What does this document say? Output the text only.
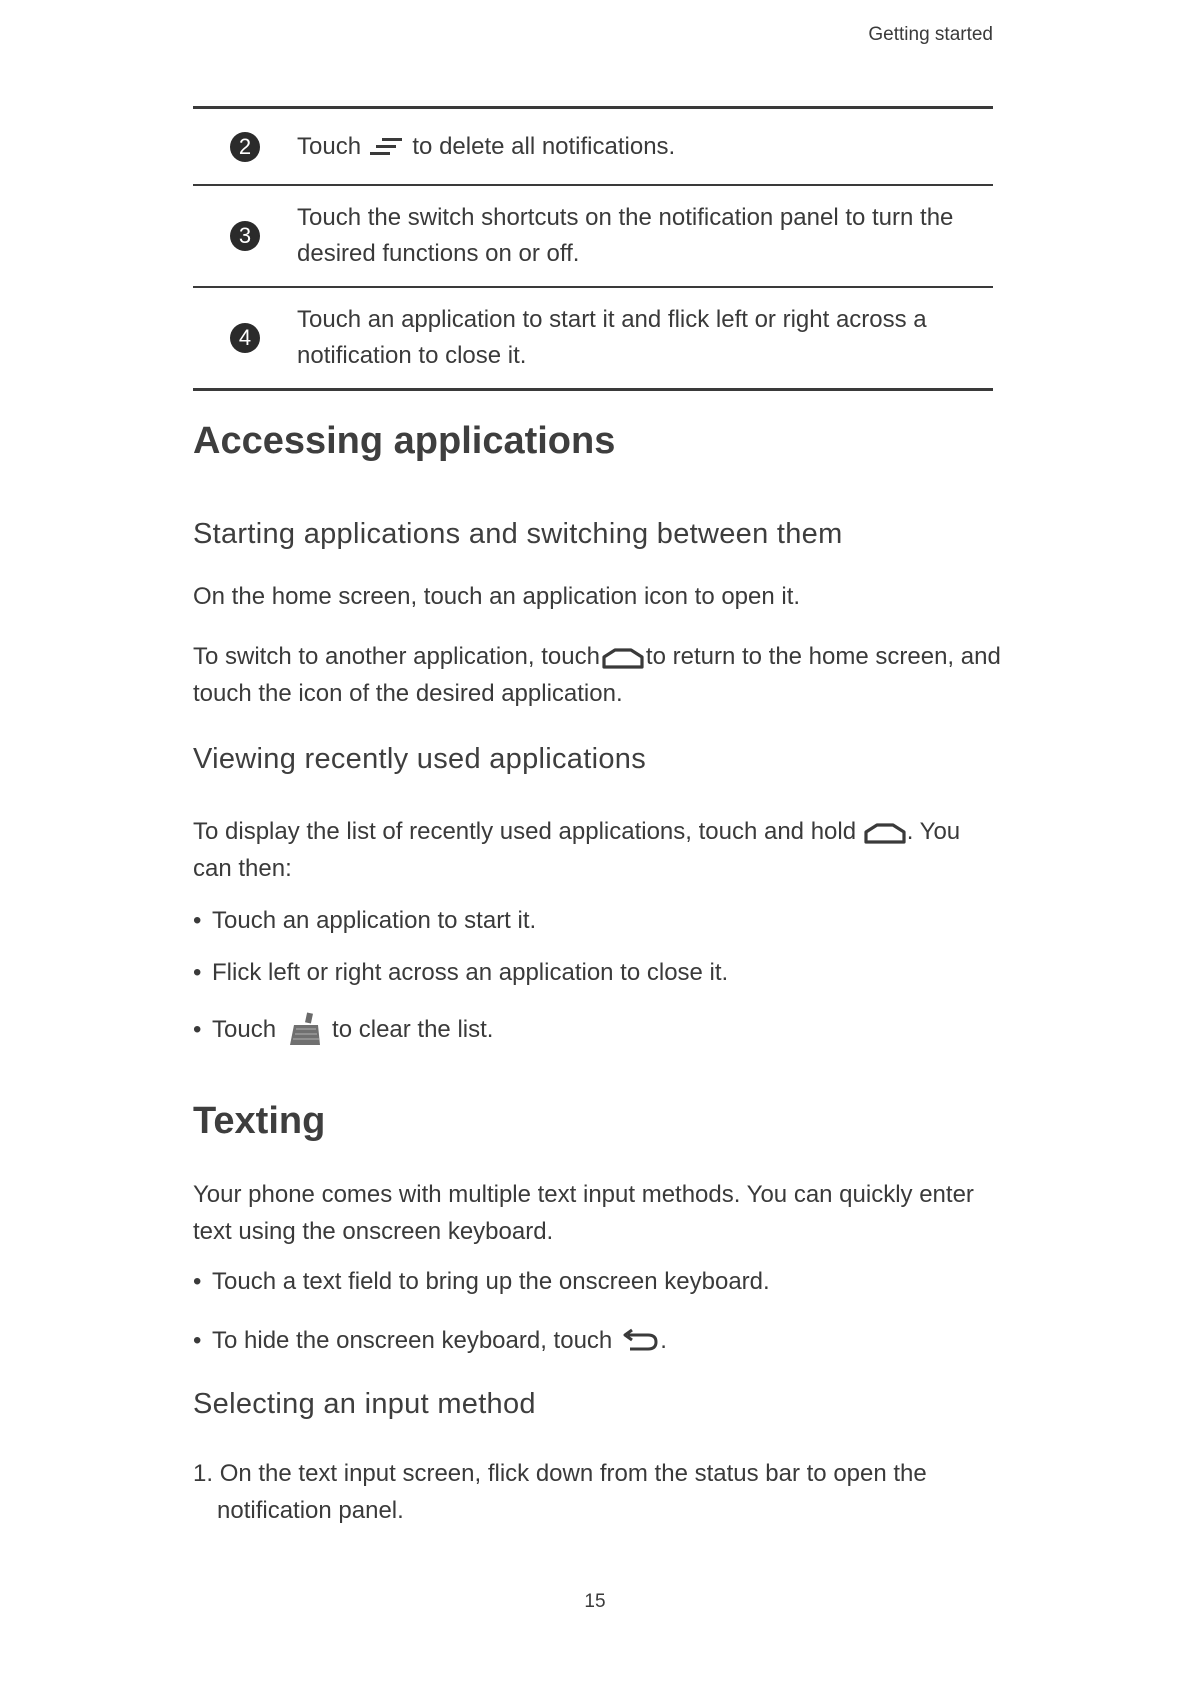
Getting started
2	Touch to delete all notifications.
3
Touch the switch shortcuts on the notification panel to turn the
desired functions on or off.
4
Touch an application to start it and flick left or right across a
notification to close it.
Accessing applications
Starting applications and switching between them

On the home screen, touch an application icon to open it.

To switch to another application, touch to return to the home screen, and
touch the icon of the desired application.

Viewing recently used applications

To display the list of recently used applications, touch and hold . You
can then:

• Touch an application to start it.
• Flick left or right across an application to close it.
• Touch to clear the list.
Texting

Your phone comes with multiple text input methods. You can quickly enter
text using the onscreen keyboard.

• Touch a text field to bring up the onscreen keyboard.
• To hide the onscreen keyboard, touch .
Selecting an input method
1. On the text input screen, flick down from the status bar to open the
notification panel.
15
